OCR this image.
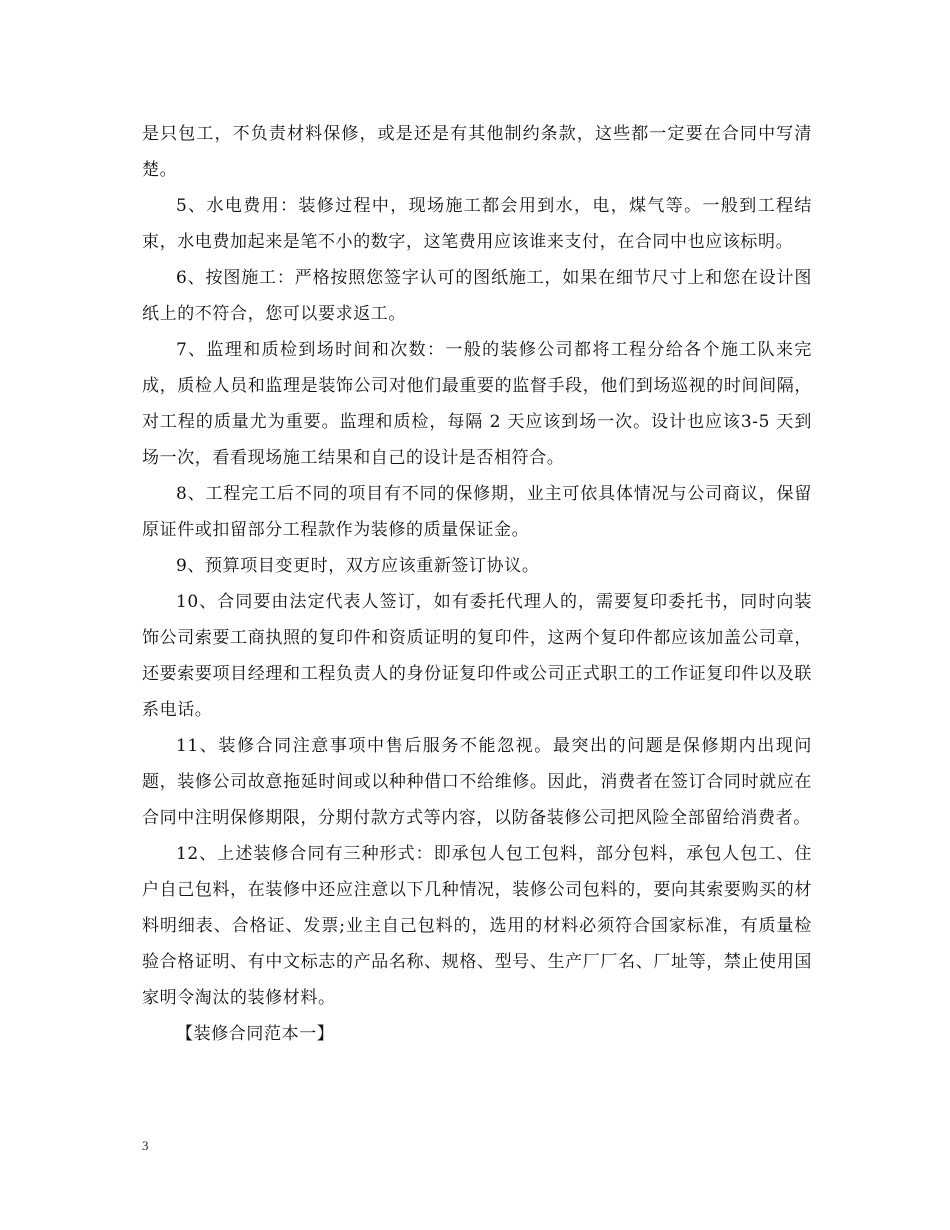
是只包工，不负责材料保修，或是还是有其他制约条款，这些都一定要在合同中写清楚。

5、水电费用：装修过程中，现场施工都会用到水，电，煤气等。一般到工程结束，水电费加起来是笔不小的数字，这笔费用应该谁来支付，在合同中也应该标明。

6、按图施工：严格按照您签字认可的图纸施工，如果在细节尺寸上和您在设计图纸上的不符合，您可以要求返工。

7、监理和质检到场时间和次数：一般的装修公司都将工程分给各个施工队来完成，质检人员和监理是装饰公司对他们最重要的监督手段，他们到场巡视的时间间隔，对工程的质量尤为重要。监理和质检，每隔 2 天应该到场一次。设计也应该3-5 天到场一次，看看现场施工结果和自己的设计是否相符合。

8、工程完工后不同的项目有不同的保修期，业主可依具体情况与公司商议，保留原证件或扣留部分工程款作为装修的质量保证金。

9、预算项目变更时，双方应该重新签订协议。

10、合同要由法定代表人签订，如有委托代理人的，需要复印委托书，同时向装饰公司索要工商执照的复印件和资质证明的复印件，这两个复印件都应该加盖公司章，还要索要项目经理和工程负责人的身份证复印件或公司正式职工的工作证复印件以及联系电话。

11、装修合同注意事项中售后服务不能忽视。最突出的问题是保修期内出现问题，装修公司故意拖延时间或以种种借口不给维修。因此，消费者在签订合同时就应在合同中注明保修期限，分期付款方式等内容，以防备装修公司把风险全部留给消费者。

12、上述装修合同有三种形式：即承包人包工包料，部分包料，承包人包工、住户自己包料，在装修中还应注意以下几种情况，装修公司包料的，要向其索要购买的材料明细表、合格证、发票;业主自己包料的，选用的材料必须符合国家标准，有质量检验合格证明、有中文标志的产品名称、规格、型号、生产厂厂名、厂址等，禁止使用国家明令淘汰的装修材料。

【装修合同范本一】

3
